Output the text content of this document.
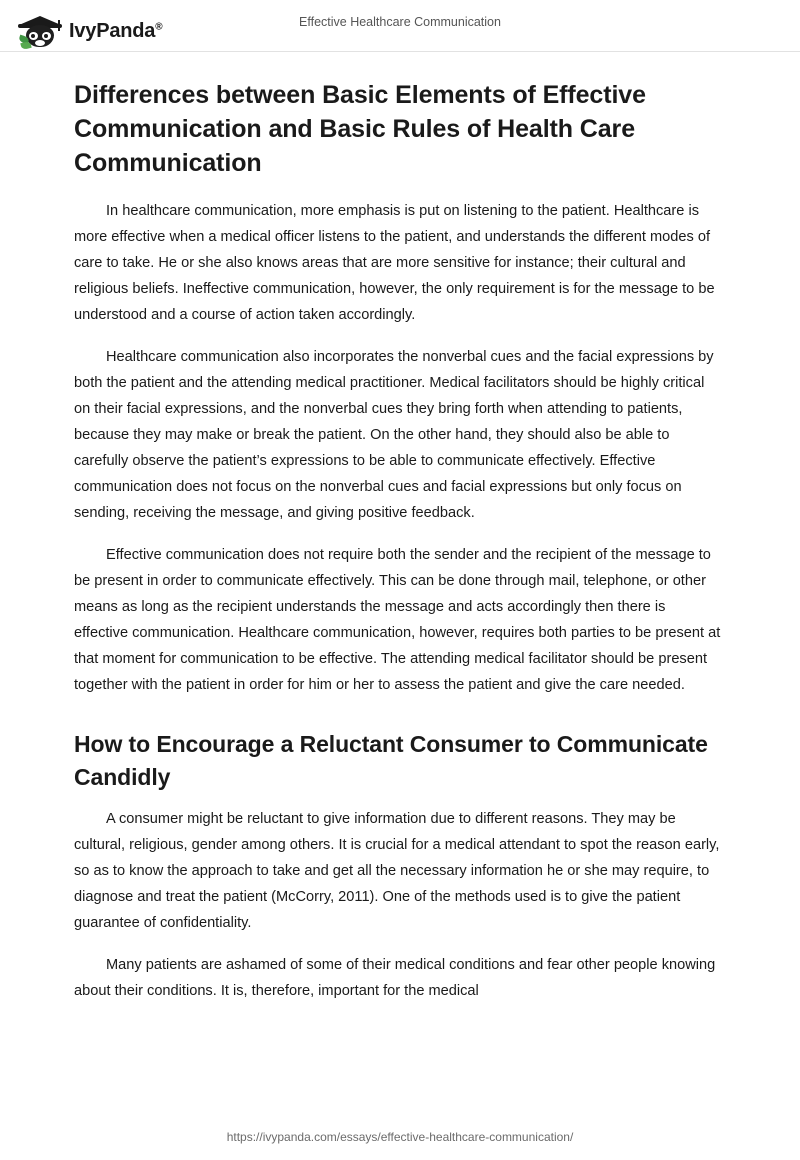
IvyPanda®	Effective Healthcare Communication
Differences between Basic Elements of Effective Communication and Basic Rules of Health Care Communication

In healthcare communication, more emphasis is put on listening to the patient. Healthcare is more effective when a medical officer listens to the patient, and understands the different modes of care to take. He or she also knows areas that are more sensitive for instance; their cultural and religious beliefs. Ineffective communication, however, the only requirement is for the message to be understood and a course of action taken accordingly.

Healthcare communication also incorporates the nonverbal cues and the facial expressions by both the patient and the attending medical practitioner. Medical facilitators should be highly critical on their facial expressions, and the nonverbal cues they bring forth when attending to patients, because they may make or break the patient. On the other hand, they should also be able to carefully observe the patient’s expressions to be able to communicate effectively. Effective communication does not focus on the nonverbal cues and facial expressions but only focus on sending, receiving the message, and giving positive feedback.

Effective communication does not require both the sender and the recipient of the message to be present in order to communicate effectively. This can be done through mail, telephone, or other means as long as the recipient understands the message and acts accordingly then there is effective communication. Healthcare communication, however, requires both parties to be present at that moment for communication to be effective. The attending medical facilitator should be present together with the patient in order for him or her to assess the patient and give the care needed.

How to Encourage a Reluctant Consumer to Communicate Candidly

A consumer might be reluctant to give information due to different reasons. They may be cultural, religious, gender among others. It is crucial for a medical attendant to spot the reason early, so as to know the approach to take and get all the necessary information he or she may require, to diagnose and treat the patient (McCorry, 2011). One of the methods used is to give the patient guarantee of confidentiality.

Many patients are ashamed of some of their medical conditions and fear other people knowing about their conditions. It is, therefore, important for the medical

https://ivypanda.com/essays/effective-healthcare-communication/
